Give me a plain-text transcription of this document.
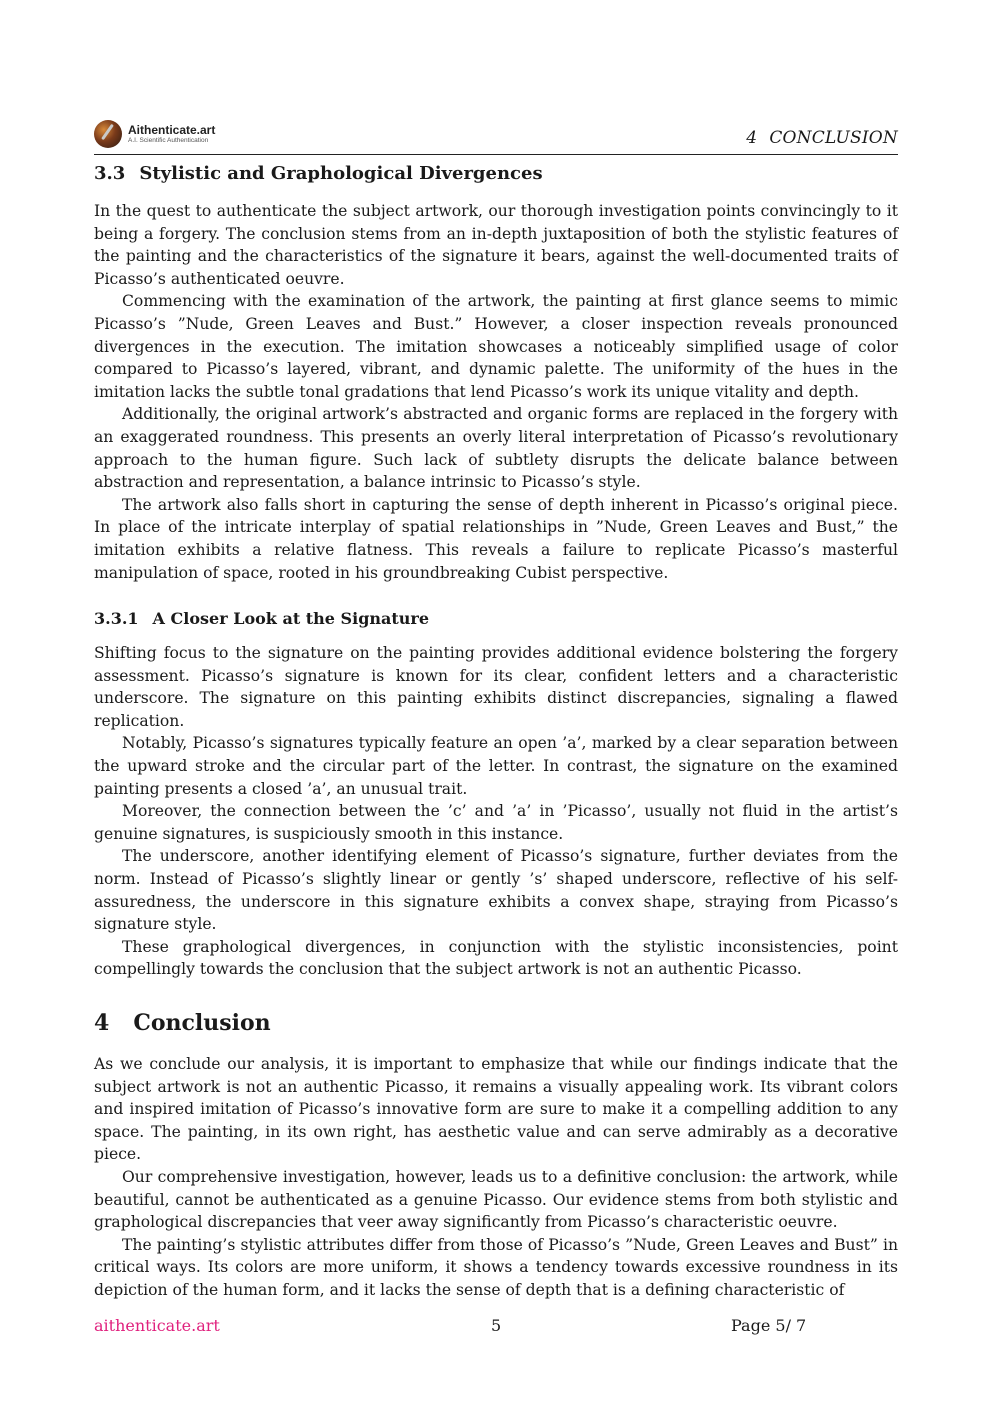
Aithenticate.art
A.I. Scientific Authentication	4 CONCLUSION
3.3 Stylistic and Graphological Divergences

In the quest to authenticate the subject artwork, our thorough investigation points convincingly to it being a forgery. The conclusion stems from an in-depth juxtaposition of both the stylistic features of the painting and the characteristics of the signature it bears, against the well-documented traits of Picasso’s authenticated oeuvre.

Commencing with the examination of the artwork, the painting at first glance seems to mimic Picasso’s ”Nude, Green Leaves and Bust.” However, a closer inspection reveals pronounced divergences in the execution. The imitation showcases a noticeably simplified usage of color compared to Picasso’s layered, vibrant, and dynamic palette. The uniformity of the hues in the imitation lacks the subtle tonal gradations that lend Picasso’s work its unique vitality and depth.

Additionally, the original artwork’s abstracted and organic forms are replaced in the forgery with an exaggerated roundness. This presents an overly literal interpretation of Picasso’s revolutionary approach to the human figure. Such lack of subtlety disrupts the delicate balance between abstraction and representation, a balance intrinsic to Picasso’s style.

The artwork also falls short in capturing the sense of depth inherent in Picasso’s original piece. In place of the intricate interplay of spatial relationships in ”Nude, Green Leaves and Bust,” the imitation exhibits a relative flatness. This reveals a failure to replicate Picasso’s masterful manipulation of space, rooted in his groundbreaking Cubist perspective.

3.3.1 A Closer Look at the Signature

Shifting focus to the signature on the painting provides additional evidence bolstering the forgery assessment. Picasso’s signature is known for its clear, confident letters and a characteristic underscore. The signature on this painting exhibits distinct discrepancies, signaling a flawed replication.

Notably, Picasso’s signatures typically feature an open ’a’, marked by a clear separation between the upward stroke and the circular part of the letter. In contrast, the signature on the examined painting presents a closed ’a’, an unusual trait.

Moreover, the connection between the ’c’ and ’a’ in ’Picasso’, usually not fluid in the artist’s genuine signatures, is suspiciously smooth in this instance.

The underscore, another identifying element of Picasso’s signature, further deviates from the norm. Instead of Picasso’s slightly linear or gently ’s’ shaped underscore, reflective of his self-assuredness, the underscore in this signature exhibits a convex shape, straying from Picasso’s signature style.

These graphological divergences, in conjunction with the stylistic inconsistencies, point compellingly towards the conclusion that the subject artwork is not an authentic Picasso.

4 Conclusion

As we conclude our analysis, it is important to emphasize that while our findings indicate that the subject artwork is not an authentic Picasso, it remains a visually appealing work. Its vibrant colors and inspired imitation of Picasso’s innovative form are sure to make it a compelling addition to any space. The painting, in its own right, has aesthetic value and can serve admirably as a decorative piece.

Our comprehensive investigation, however, leads us to a definitive conclusion: the artwork, while beautiful, cannot be authenticated as a genuine Picasso. Our evidence stems from both stylistic and graphological discrepancies that veer away significantly from Picasso’s characteristic oeuvre.

The painting’s stylistic attributes differ from those of Picasso’s ”Nude, Green Leaves and Bust” in critical ways. Its colors are more uniform, it shows a tendency towards excessive roundness in its depiction of the human form, and it lacks the sense of depth that is a defining characteristic of

aithenticate.art	5	Page 5/ 7
